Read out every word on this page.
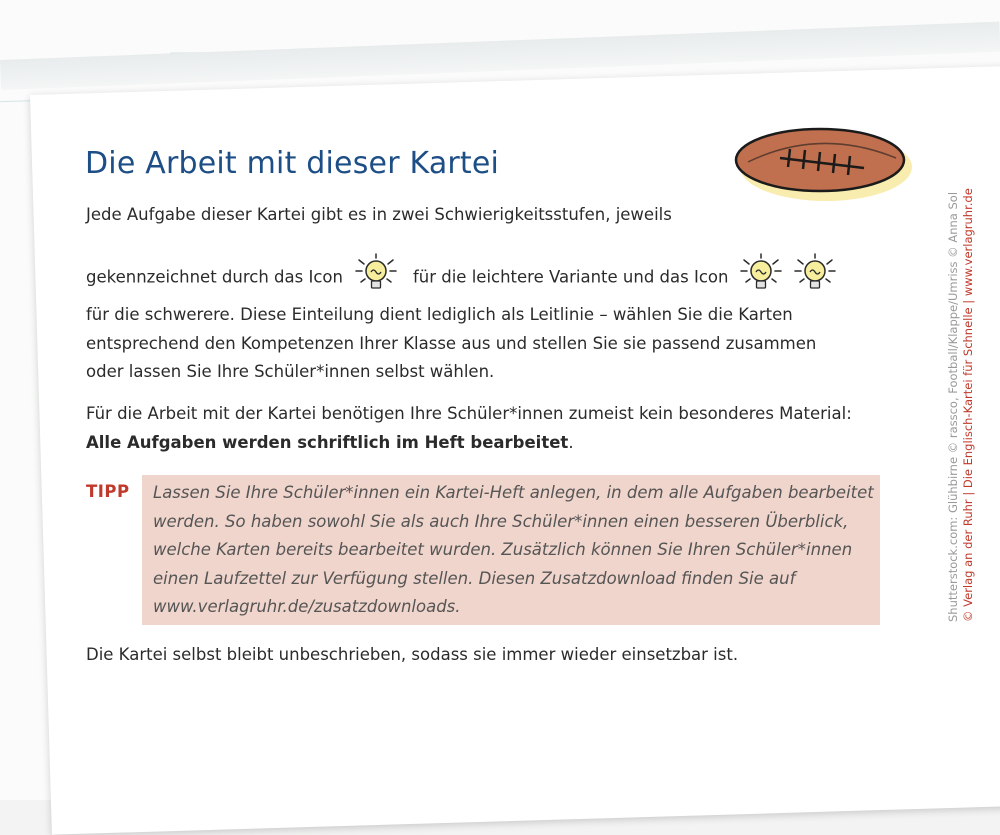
Die Arbeit mit dieser Kartei

Jede Aufgabe dieser Kartei gibt es in zwei Schwierigkeitsstufen, jeweils

gekennzeichnet durch das Icon	für die leichtere Variante und das Icon

für die schwerere. Diese Einteilung dient lediglich als Leitlinie – wählen Sie die Karten entsprechend den Kompetenzen Ihrer Klasse aus und stellen Sie sie passend zusammen oder lassen Sie Ihre Schüler*innen selbst wählen.

Für die Arbeit mit der Kartei benötigen Ihre Schüler*innen zumeist kein besonderes Material:
Alle Aufgaben werden schriftlich im Heft bearbeitet.

TIPP Lassen Sie Ihre Schüler*innen ein Kartei-Heft anlegen, in dem alle Aufgaben bearbeitet werden. So haben sowohl Sie als auch Ihre Schüler*innen einen besseren Überblick, welche Karten bereits bearbeitet wurden. Zusätzlich können Sie Ihren Schüler*innen einen Laufzettel zur Verfügung stellen. Diesen Zusatzdownload finden Sie auf www.verlagruhr.de/zusatzdownloads.

Die Kartei selbst bleibt unbeschrieben, sodass sie immer wieder einsetzbar ist.

Shutterstock.com: Glühbirne © rassco, Football/Klappe/Umriss © Anna Sol © Verlag an der Ruhr | Die Englisch-Kartei für Schnelle | www.verlagruhr.de
